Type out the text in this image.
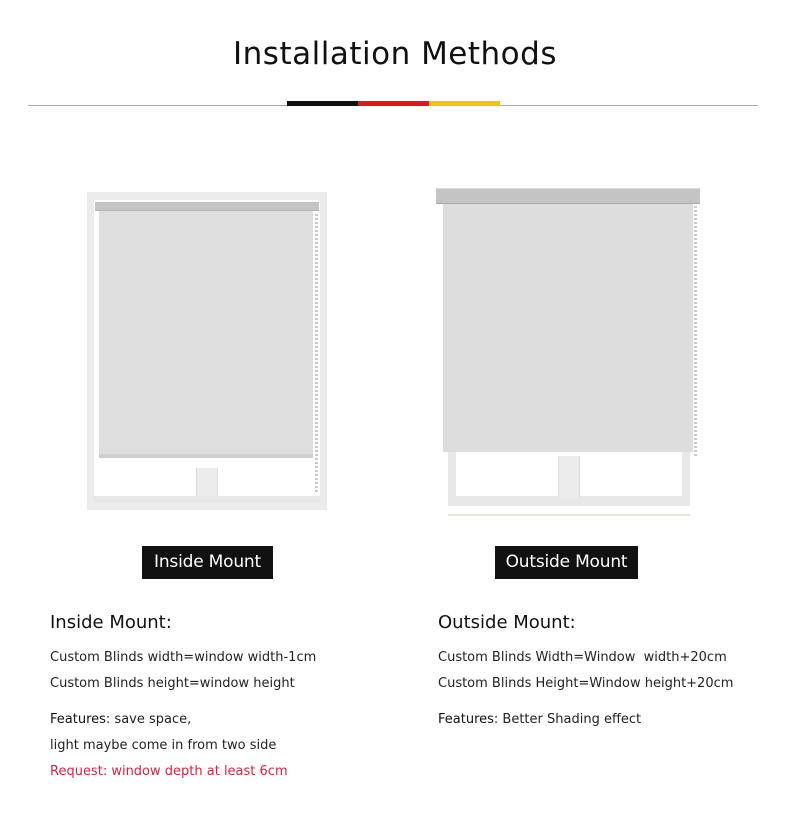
Installation Methods
Inside Mount	Outside Mount
Inside Mount:
Custom Blinds width=window width-1cm
Custom Blinds height=window height
Features: save space,
light maybe come in from two side
Request: window depth at least 6cm
Outside Mount:
Custom Blinds Width=Window  width+20cm
Custom Blinds Height=Window height+20cm
Features: Better Shading effect
